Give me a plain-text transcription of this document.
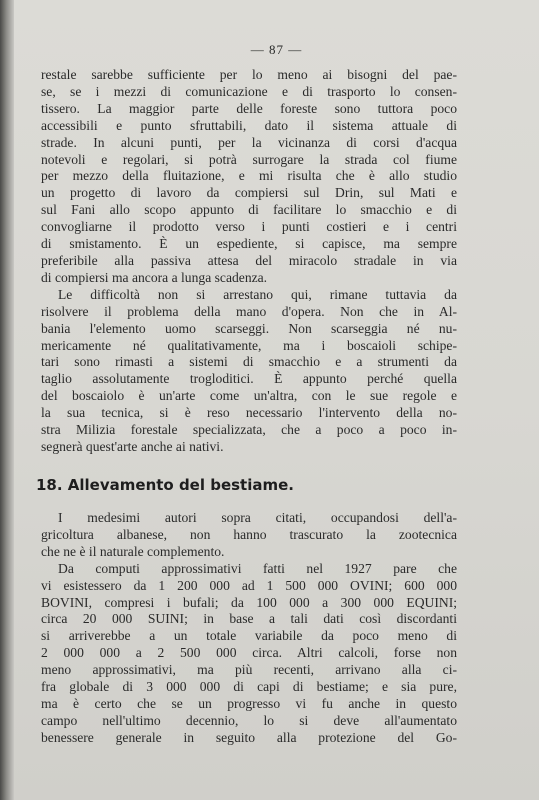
— 87 —
restale sarebbe sufficiente per lo meno ai bisogni del pae-
se, se i mezzi di comunicazione e di trasporto lo consen-
tissero. La maggior parte delle foreste sono tuttora poco
accessibili e punto sfruttabili, dato il sistema attuale di
strade. In alcuni punti, per la vicinanza di corsi d'acqua
notevoli e regolari, si potrà surrogare la strada col fiume
per mezzo della fluitazione, e mi risulta che è allo studio
un progetto di lavoro da compiersi sul Drin, sul Mati e
sul Fani allo scopo appunto di facilitare lo smacchio e di
convogliarne il prodotto verso i punti costieri e i centri
di smistamento. È un espediente, si capisce, ma sempre
preferibile alla passiva attesa del miracolo stradale in via
di compiersi ma ancora a lunga scadenza.
Le difficoltà non si arrestano qui, rimane tuttavia da
risolvere il problema della mano d'opera. Non che in Al-
bania l'elemento uomo scarseggi. Non scarseggia né nu-
mericamente né qualitativamente, ma i boscaioli schipe-
tari sono rimasti a sistemi di smacchio e a strumenti da
taglio assolutamente trogloditici. È appunto perché quella
del boscaiolo è un'arte come un'altra, con le sue regole e
la sua tecnica, si è reso necessario l'intervento della no-
stra Milizia forestale specializzata, che a poco a poco in-
segnerà quest'arte anche ai nativi.
18. Allevamento del bestiame.
I medesimi autori sopra citati, occupandosi dell'a-
gricoltura albanese, non hanno trascurato la zootecnica
che ne è il naturale complemento.
Da computi approssimativi fatti nel 1927 pare che
vi esistessero da 1 200 000 ad 1 500 000 OVINI; 600 000
BOVINI, compresi i bufali; da 100 000 a 300 000 EQUINI;
circa 20 000 SUINI; in base a tali dati così discordanti
si arriverebbe a un totale variabile da poco meno di
2 000 000 a 2 500 000 circa. Altri calcoli, forse non
meno approssimativi, ma più recenti, arrivano alla ci-
fra globale di 3 000 000 di capi di bestiame; e sia pure,
ma è certo che se un progresso vi fu anche in questo
campo nell'ultimo decennio, lo si deve all'aumentato
benessere generale in seguito alla protezione del Go-
